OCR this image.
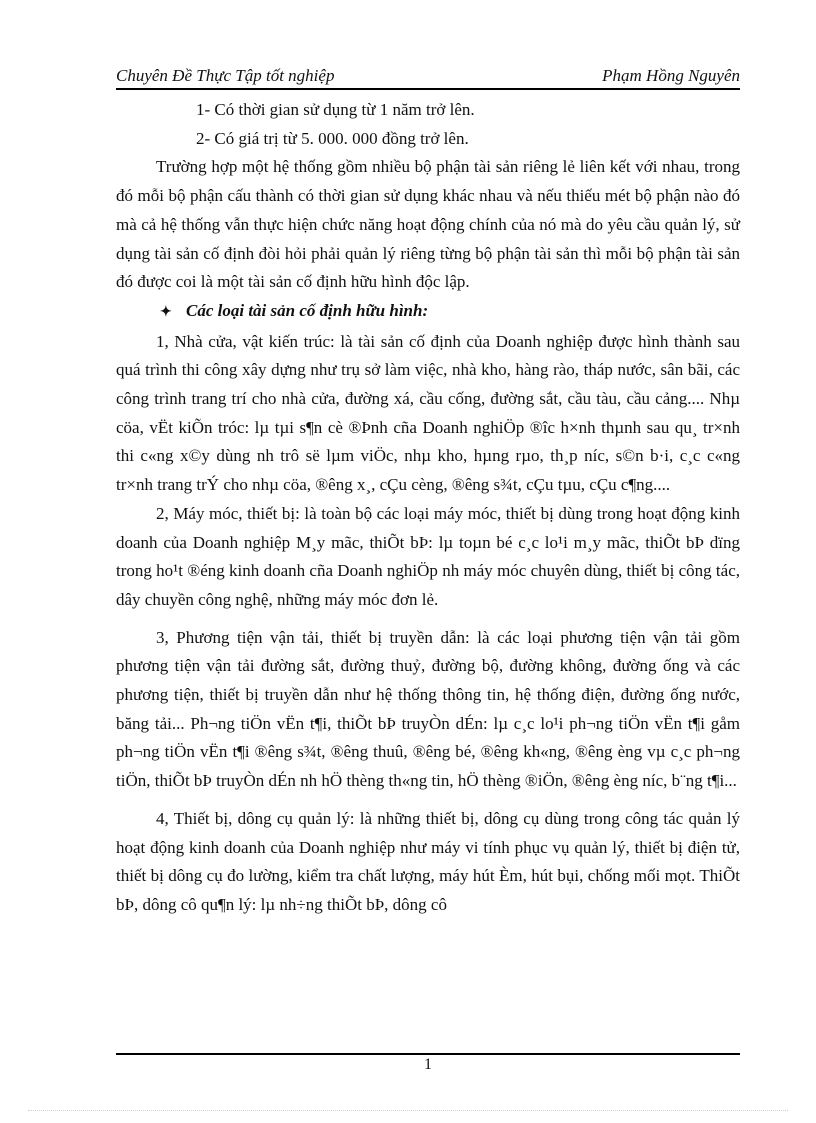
Chuyên Đề Thực Tập tốt nghiệp	Phạm Hồng Nguyên

1- Có thời gian sử dụng từ 1 năm trở lên.

2- Có giá trị từ 5. 000. 000 đồng trở lên.

Trường hợp một hệ thống gồm nhiều bộ phận tài sản riêng lẻ liên kết với nhau, trong đó mỗi bộ phận cấu thành có thời gian sử dụng khác nhau và nếu thiếu mét bộ phận nào đó mà cả hệ thống vẫn thực hiện chức năng hoạt động chính của nó mà do yêu cầu quản lý, sử dụng tài sản cố định đòi hỏi phải quản lý riêng từng bộ phận tài sản thì mỗi bộ phận tài sản đó được coi là một tài sản cố định hữu hình độc lập.

✦ Các loại tài sản cố định hữu hình:

1, Nhà cửa, vật kiến trúc: là tài sản cố định của Doanh nghiệp được hình thành sau quá trình thi công xây dựng như trụ sở làm việc, nhà kho, hàng rào, tháp nước, sân bãi, các công trình trang trí cho nhà cửa, đường xá, cầu cống, đường sắt, cầu tàu, cầu cảng.... Nhµ cöa, vËt kiÕn tróc: lµ tµi s¶n cè ®Þnh cña Doanh nghiÖp ®îc h×nh thµnh sau qu¸ tr×nh thi c«ng x©y dùng nh trô së lµm viÖc, nhµ kho, hµng rµo, th¸p níc, s©n b·i, c¸c c«ng tr×nh trang trÝ cho nhµ cöa, ®êng x¸, cÇu cèng, ®êng s¾t, cÇu tµu, cÇu c¶ng....

2, Máy móc, thiết bị: là toàn bộ các loại máy móc, thiết bị dùng trong hoạt động kinh doanh của Doanh nghiệp M¸y mãc, thiÕt bÞ: lµ toµn bé c¸c lo¹i m¸y mãc, thiÕt bÞ dïng trong ho¹t ®éng kinh doanh cña Doanh nghiÖp nh máy móc chuyên dùng, thiết bị công tác, dây chuyền công nghệ, những máy móc đơn lẻ.

3, Phương tiện vận tải, thiết bị truyền dẫn: là các loại phương tiện vận tải gồm phương tiện vận tải đường sắt, đường thuỷ, đường bộ, đường không, đường ống và các phương tiện, thiết bị truyền dẫn như hệ thống thông tin, hệ thống điện, đường ống nước, băng tải... Ph¬ng tiÖn vËn t¶i, thiÕt bÞ truyÒn dÉn: lµ c¸c lo¹i ph¬ng tiÖn vËn t¶i gåm ph¬ng tiÖn vËn t¶i ®êng s¾t, ®êng thuû, ®êng bé, ®êng kh«ng, ®êng èng vµ c¸c ph¬ng tiÖn, thiÕt bÞ truyÒn dÉn nh hÖ thèng th«ng tin, hÖ thèng ®iÖn, ®êng èng níc, b¨ng t¶i...

4, Thiết bị, dông cụ quản lý: là những thiết bị, dông cụ dùng trong công tác quản lý hoạt động kinh doanh của Doanh nghiệp như máy vi tính phục vụ quản lý, thiết bị điện tử, thiết bị dông cụ đo lường, kiểm tra chất lượng, máy hút Èm, hút bụi, chống mối mọt. ThiÕt bÞ, dông cô qu¶n lý: lµ nh÷ng thiÕt bÞ, dông cô

1
